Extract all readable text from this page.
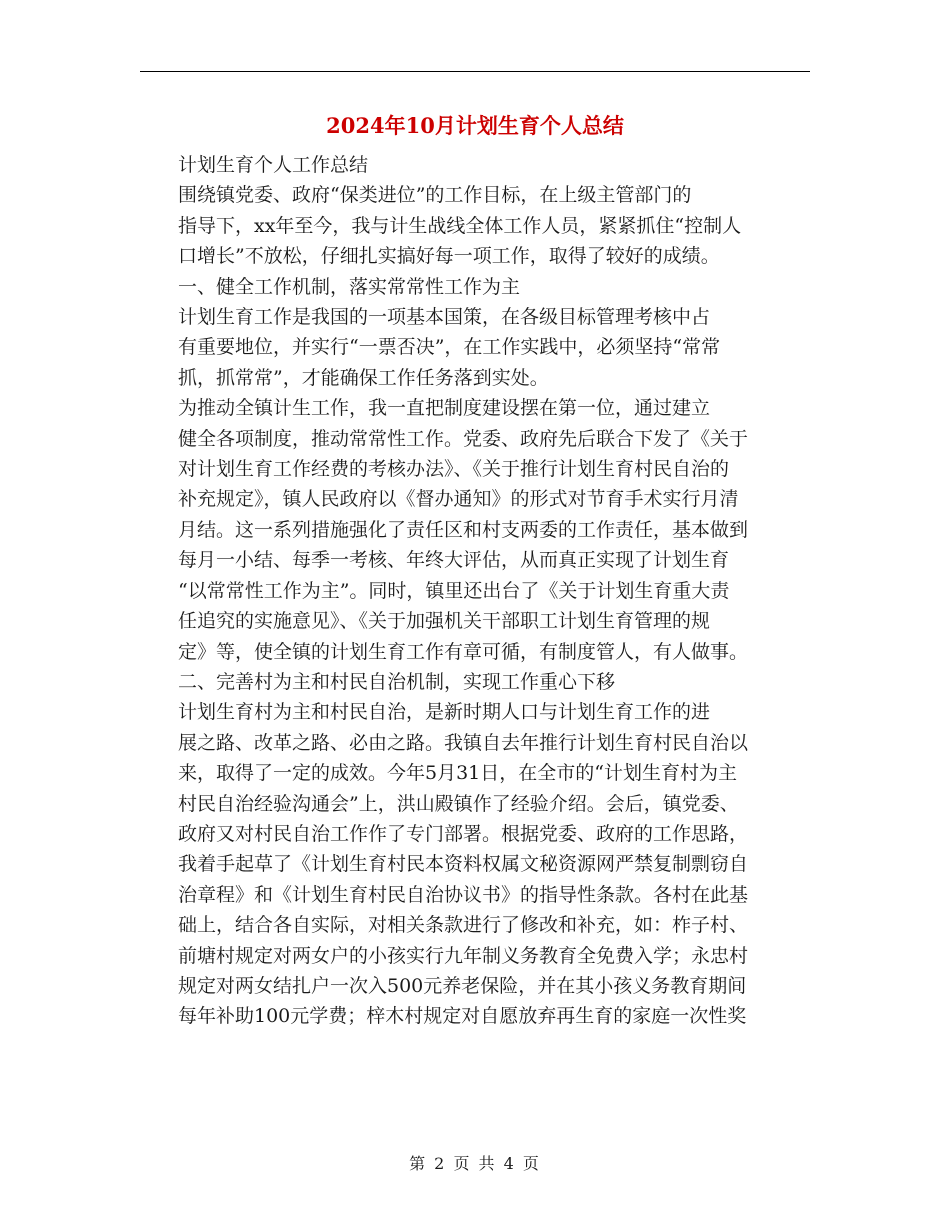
2024年10月计划生育个人总结

计划生育个人工作总结

围绕镇党委、政府“保类进位”的工作目标，在上级主管部门的
指导下，xx年至今，我与计生战线全体工作人员，紧紧抓住“控制人
口增长”不放松，仔细扎实搞好每一项工作，取得了较好的成绩。

一、健全工作机制，落实常常性工作为主

计划生育工作是我国的一项基本国策，在各级目标管理考核中占
有重要地位，并实行“一票否决”，在工作实践中，必须坚持“常常
抓，抓常常”，才能确保工作任务落到实处。

为推动全镇计生工作，我一直把制度建设摆在第一位，通过建立
健全各项制度，推动常常性工作。党委、政府先后联合下发了《关于
对计划生育工作经费的考核办法》、《关于推行计划生育村民自治的
补充规定》，镇人民政府以《督办通知》的形式对节育手术实行月清
月结。这一系列措施强化了责任区和村支两委的工作责任，基本做到
每月一小结、每季一考核、年终大评估，从而真正实现了计划生育
“以常常性工作为主”。同时，镇里还出台了《关于计划生育重大责
任追究的实施意见》、《关于加强机关干部职工计划生育管理的规
定》等，使全镇的计划生育工作有章可循，有制度管人，有人做事。

二、完善村为主和村民自治机制，实现工作重心下移

计划生育村为主和村民自治，是新时期人口与计划生育工作的进
展之路、改革之路、必由之路。我镇自去年推行计划生育村民自治以
来，取得了一定的成效。今年5月31日，在全市的“计划生育村为主
村民自治经验沟通会”上，洪山殿镇作了经验介绍。会后，镇党委、
政府又对村民自治工作作了专门部署。根据党委、政府的工作思路，
我着手起草了《计划生育村民本资料权属文秘资源网严禁复制剽窃自
治章程》和《计划生育村民自治协议书》的指导性条款。各村在此基
础上，结合各自实际，对相关条款进行了修改和补充，如：柞子村、
前塘村规定对两女户的小孩实行九年制义务教育全免费入学；永忠村
规定对两女结扎户一次入500元养老保险，并在其小孩义务教育期间
每年补助100元学费；梓木村规定对自愿放弃再生育的家庭一次性奖

第 2 页 共 4 页
